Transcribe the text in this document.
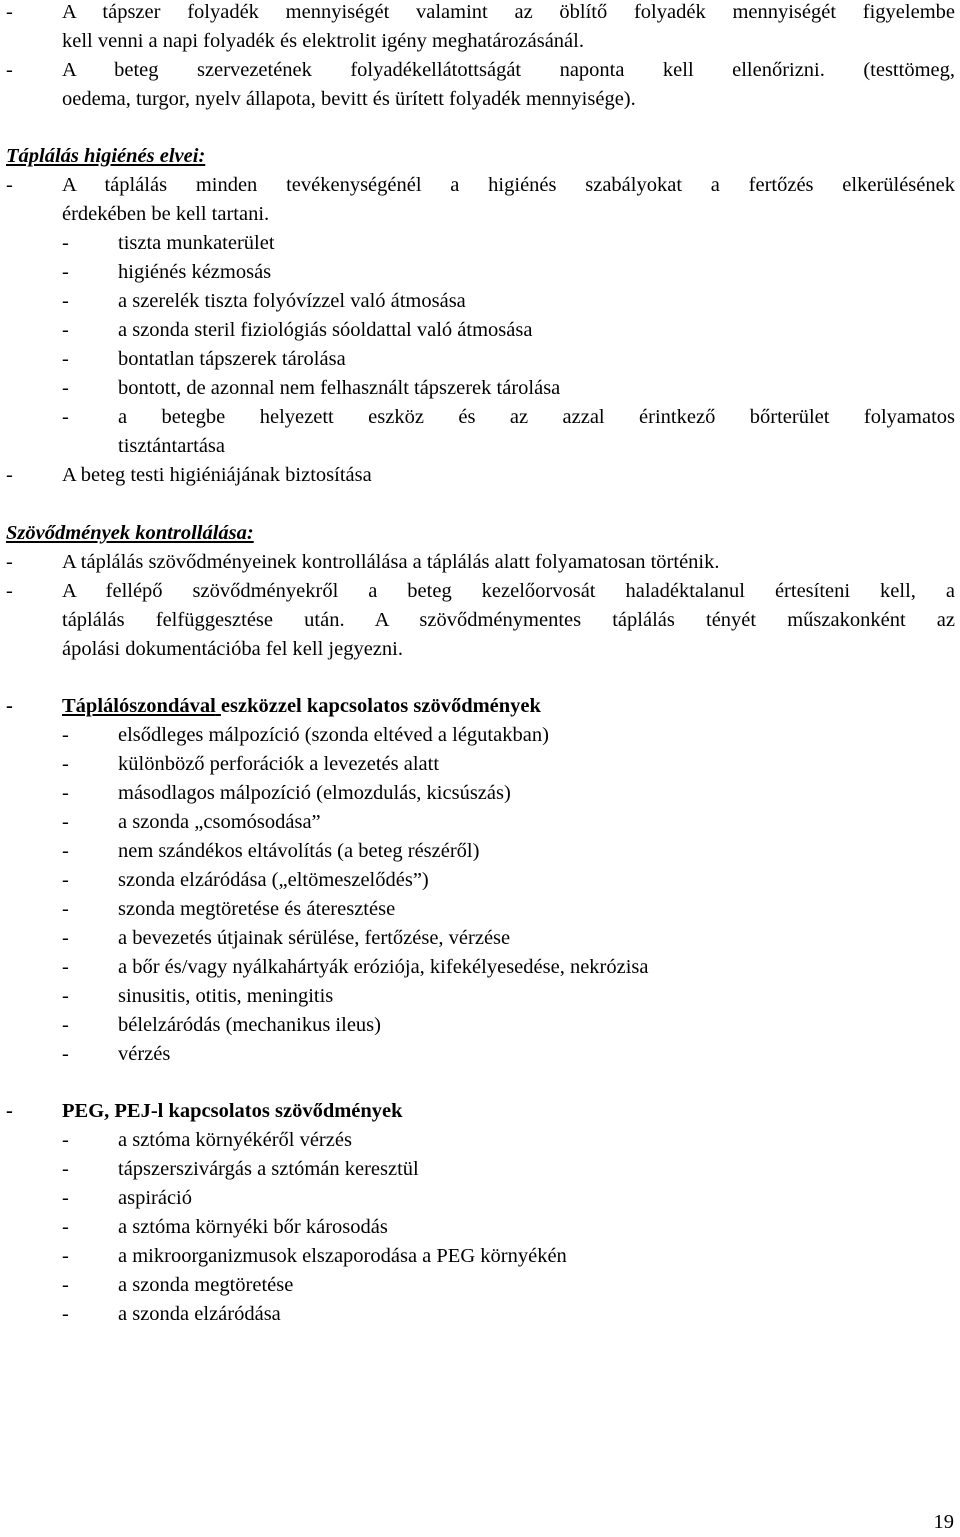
- A tápszer folyadék mennyiségét valamint az öblítő folyadék mennyiségét figyelembe
kell venni a napi folyadék és elektrolit igény meghatározásánál.
- A beteg szervezetének folyadékellátottságát naponta kell ellenőrizni. (testtömeg,
oedema, turgor, nyelv állapota, bevitt és ürített folyadék mennyisége).
Táplálás higiénés elvei:
- A táplálás minden tevékenységénél a higiénés szabályokat a fertőzés elkerülésének
érdekében be kell tartani.
- tiszta munkaterület
- higiénés kézmosás
- a szerelék tiszta folyóvízzel való átmosása
- a szonda steril fiziológiás sóoldattal való átmosása
- bontatlan tápszerek tárolása
- bontott, de azonnal nem felhasznált tápszerek tárolása
- a betegbe helyezett eszköz és az azzal érintkező bőrterület folyamatos
tisztántartása
- A beteg testi higiéniájának biztosítása
Szövődmények kontrollálása:
- A táplálás szövődményeinek kontrollálása a táplálás alatt folyamatosan történik.
- A fellépő szövődményekről a beteg kezelőorvosát haladéktalanul értesíteni kell, a
táplálás felfüggesztése után. A szövődménymentes táplálás tényét műszakonként az
ápolási dokumentációba fel kell jegyezni.
- Táplálószondával eszközzel kapcsolatos szövődmények
- elsődleges málpozíció (szonda eltéved a légutakban)
- különböző perforációk a levezetés alatt
- másodlagos málpozíció (elmozdulás, kicsúszás)
- a szonda „csomósodása”
- nem szándékos eltávolítás (a beteg részéről)
- szonda elzáródása („eltömeszelődés”)
- szonda megtöretése és áteresztése
- a bevezetés útjainak sérülése, fertőzése, vérzése
- a bőr és/vagy nyálkahártyák eróziója, kifekélyesedése, nekrózisa
- sinusitis, otitis, meningitis
- bélelzáródás (mechanikus ileus)
- vérzés
- PEG, PEJ-l kapcsolatos szövődmények
- a sztóma környékéről vérzés
- tápszerszivárgás a sztómán keresztül
- aspiráció
- a sztóma környéki bőr károsodás
- a mikroorganizmusok elszaporodása a PEG környékén
- a szonda megtöretése
- a szonda elzáródása
19
